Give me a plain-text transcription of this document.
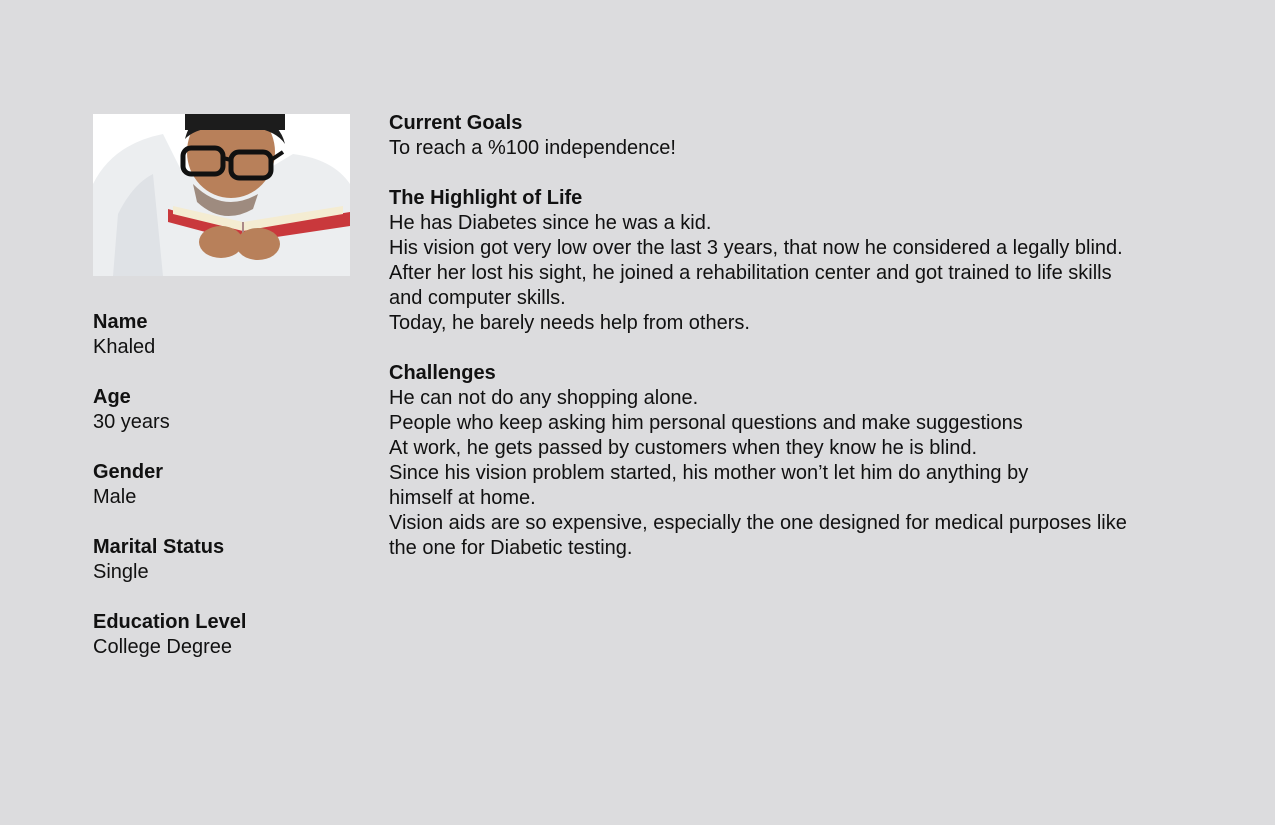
Name
Khaled
Age
30 years
Gender
Male
Marital Status
Single
Education Level
College Degree
Current Goals
To reach a %100 independence!
The Highlight of Life
He has Diabetes since he was a kid.
His vision got very low over the last 3 years, that now he considered a legally blind.
After her lost his sight, he joined a rehabilitation center and got trained to life skills
and computer skills.
Today, he barely needs help from others.
Challenges
He can not do any shopping alone.
People who keep asking him personal questions and make suggestions
At work, he gets passed by customers when they know he is blind.
Since his vision problem started, his mother won’t let him do anything by
himself at home.
Vision aids are so expensive, especially the one designed for medical purposes like
the one for Diabetic testing.
